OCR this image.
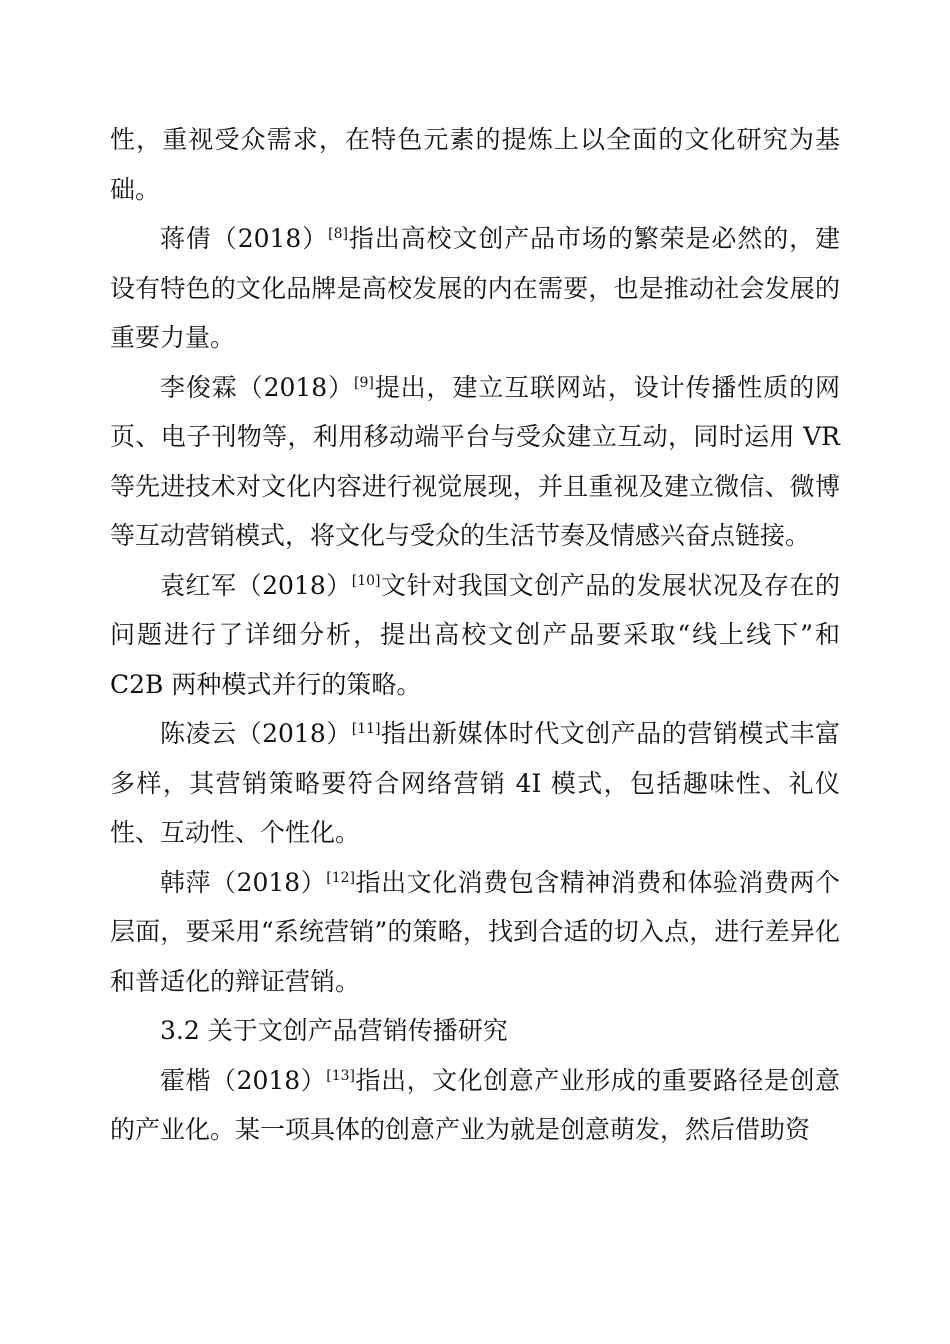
性，重视受众需求，在特色元素的提炼上以全面的文化研究为基础。

蒋倩（2018）[8]指出高校文创产品市场的繁荣是必然的，建设有特色的文化品牌是高校发展的内在需要，也是推动社会发展的重要力量。

李俊霖（2018）[9]提出，建立互联网站，设计传播性质的网页、电子刊物等，利用移动端平台与受众建立互动，同时运用 VR 等先进技术对文化内容进行视觉展现，并且重视及建立微信、微博等互动营销模式，将文化与受众的生活节奏及情感兴奋点链接。

袁红军（2018）[10]文针对我国文创产品的发展状况及存在的问题进行了详细分析，提出高校文创产品要采取“线上线下”和 C2B 两种模式并行的策略。

陈凌云（2018）[11]指出新媒体时代文创产品的营销模式丰富多样，其营销策略要符合网络营销 4I 模式，包括趣味性、礼仪性、互动性、个性化。

韩萍（2018）[12]指出文化消费包含精神消费和体验消费两个层面，要采用“系统营销”的策略，找到合适的切入点，进行差异化和普适化的辩证营销。

3.2 关于文创产品营销传播研究

霍楷（2018）[13]指出，文化创意产业形成的重要路径是创意的产业化。某一项具体的创意产业为就是创意萌发，然后借助资
